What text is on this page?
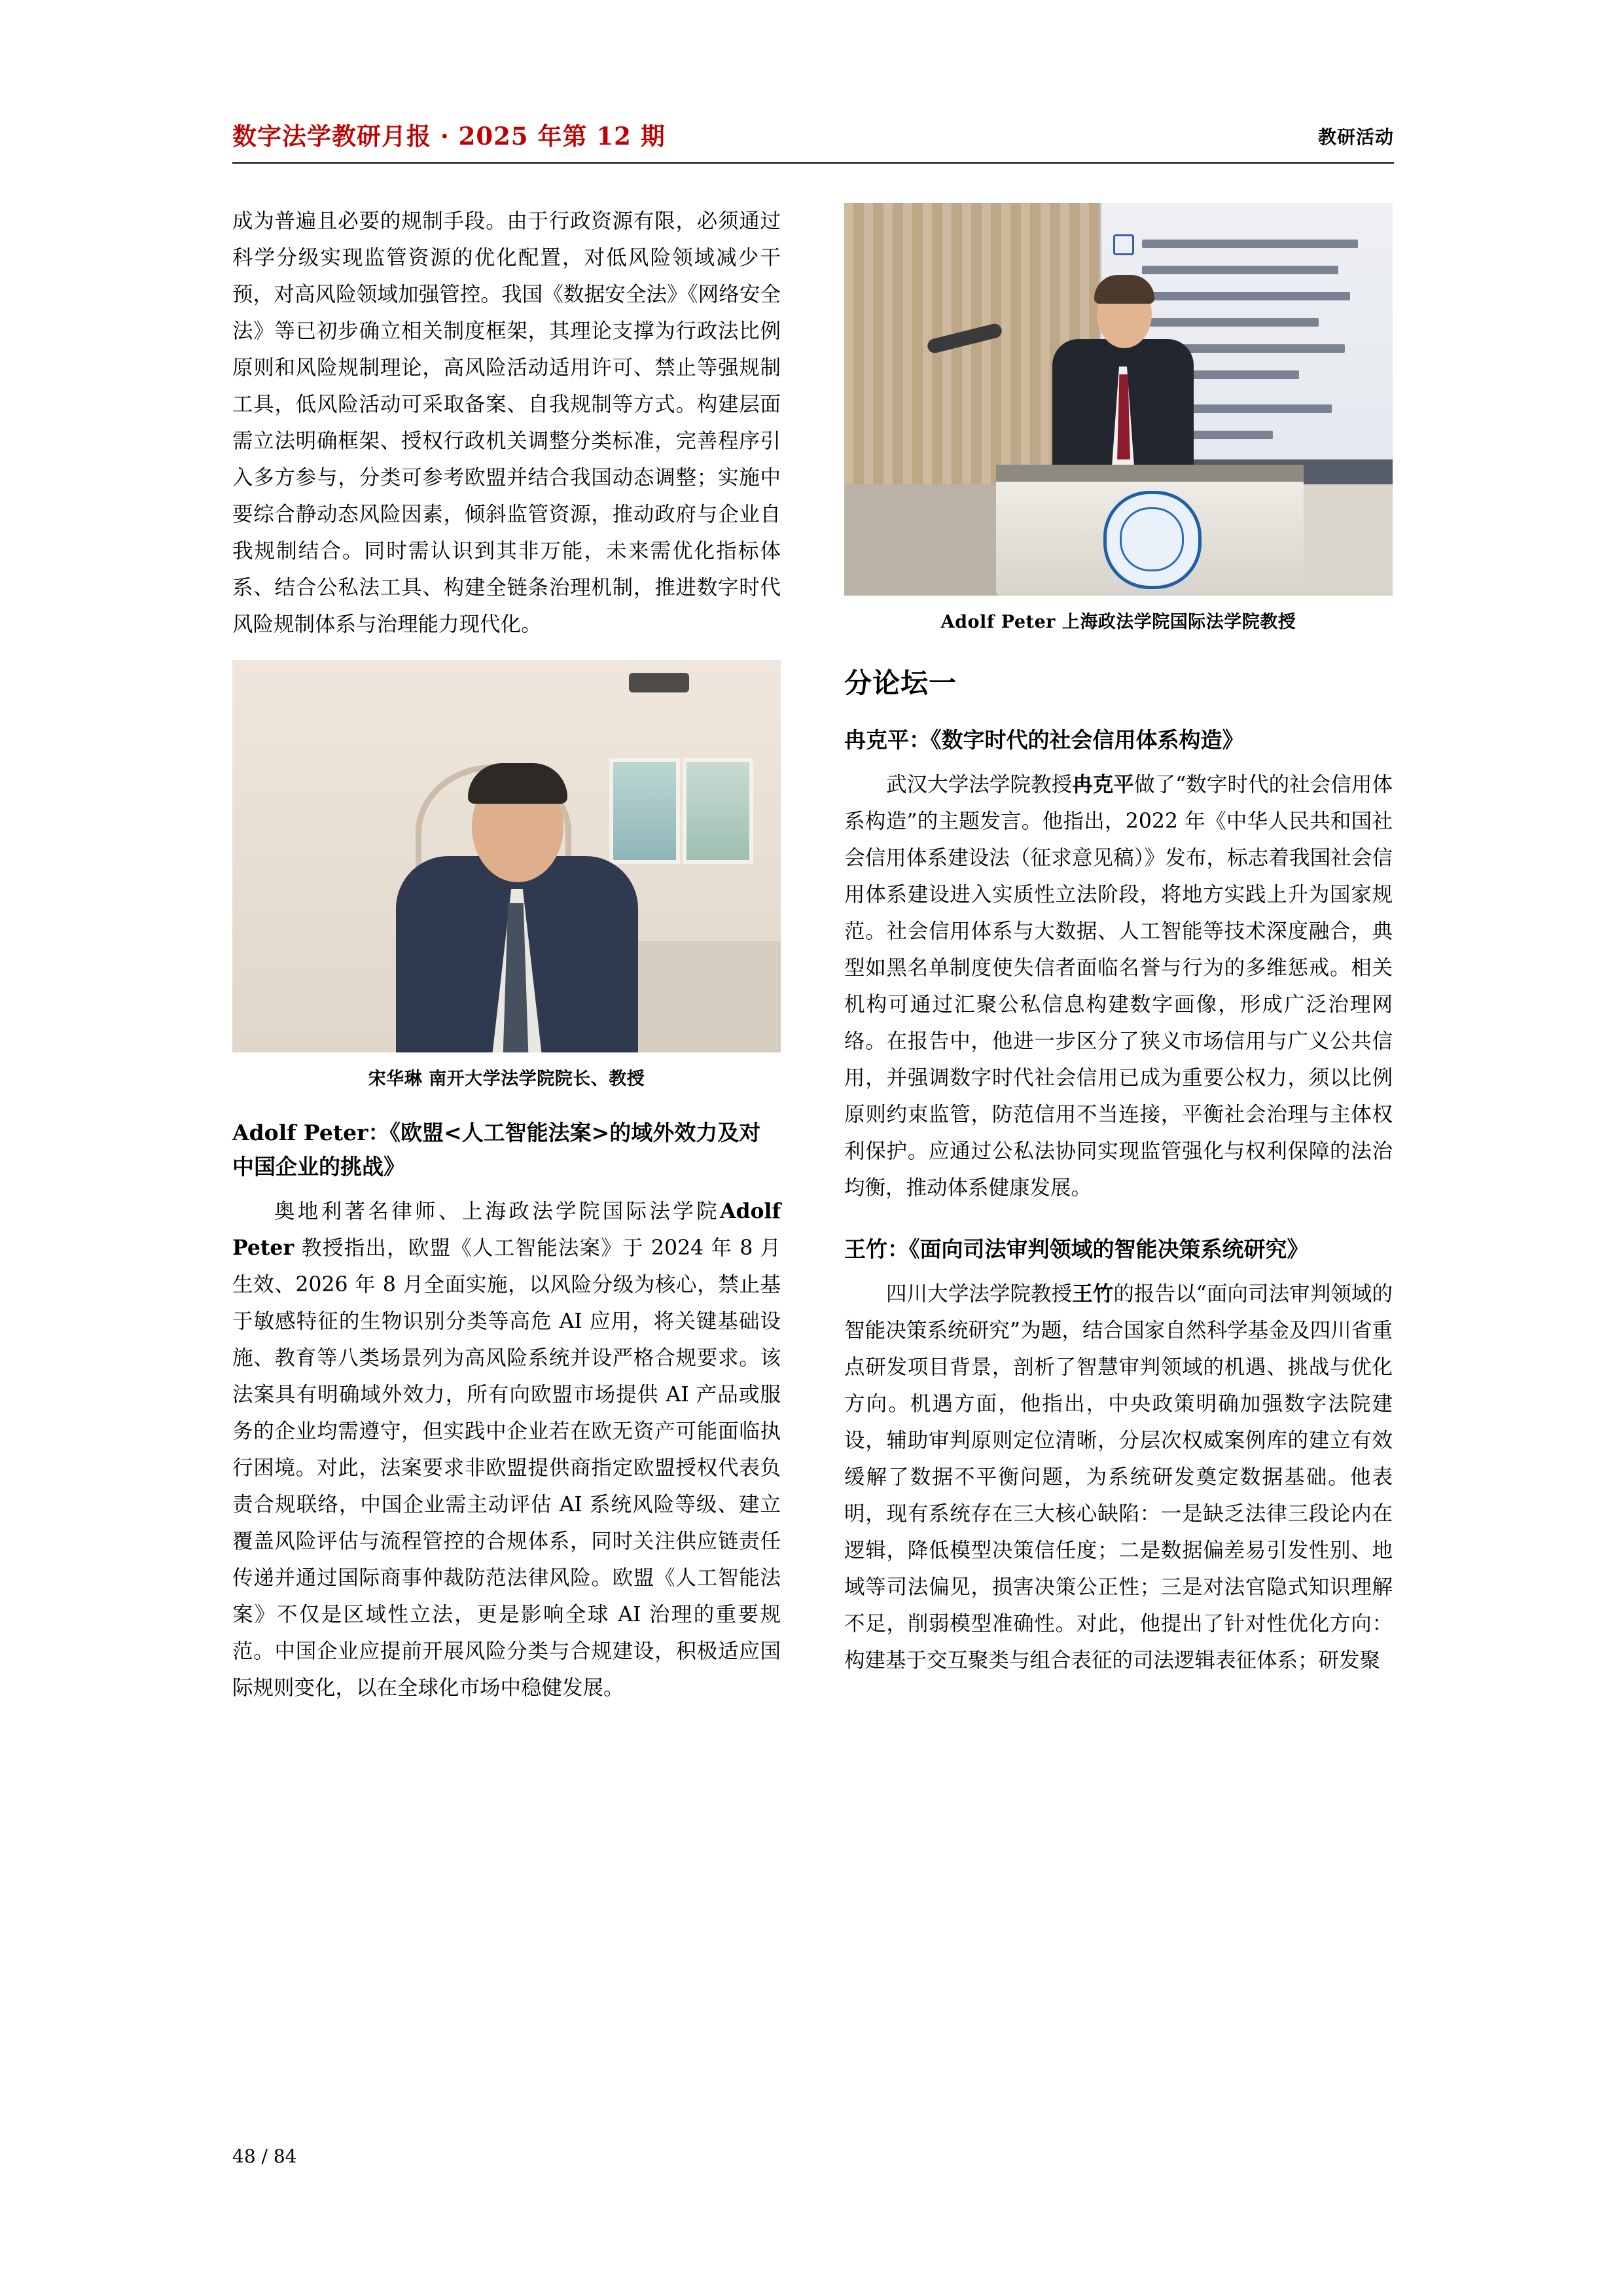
数字法学教研月报 · 2025 年第 12 期	教研活动

成为普遍且必要的规制手段。由于行政资源有限，必须通过科学分级实现监管资源的优化配置，对低风险领域减少干预，对高风险领域加强管控。我国《数据安全法》《网络安全法》等已初步确立相关制度框架，其理论支撑为行政法比例原则和风险规制理论，高风险活动适用许可、禁止等强规制工具，低风险活动可采取备案、自我规制等方式。构建层面需立法明确框架、授权行政机关调整分类标准，完善程序引入多方参与，分类可参考欧盟并结合我国动态调整；实施中要综合静动态风险因素，倾斜监管资源，推动政府与企业自我规制结合。同时需认识到其非万能，未来需优化指标体系、结合公私法工具、构建全链条治理机制，推进数字时代风险规制体系与治理能力现代化。

宋华琳 南开大学法学院院长、教授
Adolf Peter：《欧盟<人工智能法案>的域外效力及对中国企业的挑战》

奥地利著名律师、上海政法学院国际法学院Adolf Peter 教授指出，欧盟《人工智能法案》于 2024 年 8 月生效、2026 年 8 月全面实施，以风险分级为核心，禁止基于敏感特征的生物识别分类等高危 AI 应用，将关键基础设施、教育等八类场景列为高风险系统并设严格合规要求。该法案具有明确域外效力，所有向欧盟市场提供 AI 产品或服务的企业均需遵守，但实践中企业若在欧无资产可能面临执行困境。对此，法案要求非欧盟提供商指定欧盟授权代表负责合规联络，中国企业需主动评估 AI 系统风险等级、建立覆盖风险评估与流程管控的合规体系，同时关注供应链责任传递并通过国际商事仲裁防范法律风险。欧盟《人工智能法案》不仅是区域性立法，更是影响全球 AI 治理的重要规范。中国企业应提前开展风险分类与合规建设，积极适应国际规则变化，以在全球化市场中稳健发展。

Adolf Peter 上海政法学院国际法学院教授
分论坛一
冉克平：《数字时代的社会信用体系构造》

武汉大学法学院教授冉克平做了“数字时代的社会信用体系构造”的主题发言。他指出，2022 年《中华人民共和国社会信用体系建设法（征求意见稿）》发布，标志着我国社会信用体系建设进入实质性立法阶段，将地方实践上升为国家规范。社会信用体系与大数据、人工智能等技术深度融合，典型如黑名单制度使失信者面临名誉与行为的多维惩戒。相关机构可通过汇聚公私信息构建数字画像，形成广泛治理网络。在报告中，他进一步区分了狭义市场信用与广义公共信用，并强调数字时代社会信用已成为重要公权力，须以比例原则约束监管，防范信用不当连接，平衡社会治理与主体权利保护。应通过公私法协同实现监管强化与权利保障的法治均衡，推动体系健康发展。

王竹：《面向司法审判领域的智能决策系统研究》

四川大学法学院教授王竹的报告以“面向司法审判领域的智能决策系统研究”为题，结合国家自然科学基金及四川省重点研发项目背景，剖析了智慧审判领域的机遇、挑战与优化方向。机遇方面，他指出，中央政策明确加强数字法院建设，辅助审判原则定位清晰，分层次权威案例库的建立有效缓解了数据不平衡问题，为系统研发奠定数据基础。他表明，现有系统存在三大核心缺陷：一是缺乏法律三段论内在逻辑，降低模型决策信任度；二是数据偏差易引发性别、地域等司法偏见，损害决策公正性；三是对法官隐式知识理解不足，削弱模型准确性。对此，他提出了针对性优化方向：构建基于交互聚类与组合表征的司法逻辑表征体系；研发聚

48 / 84
